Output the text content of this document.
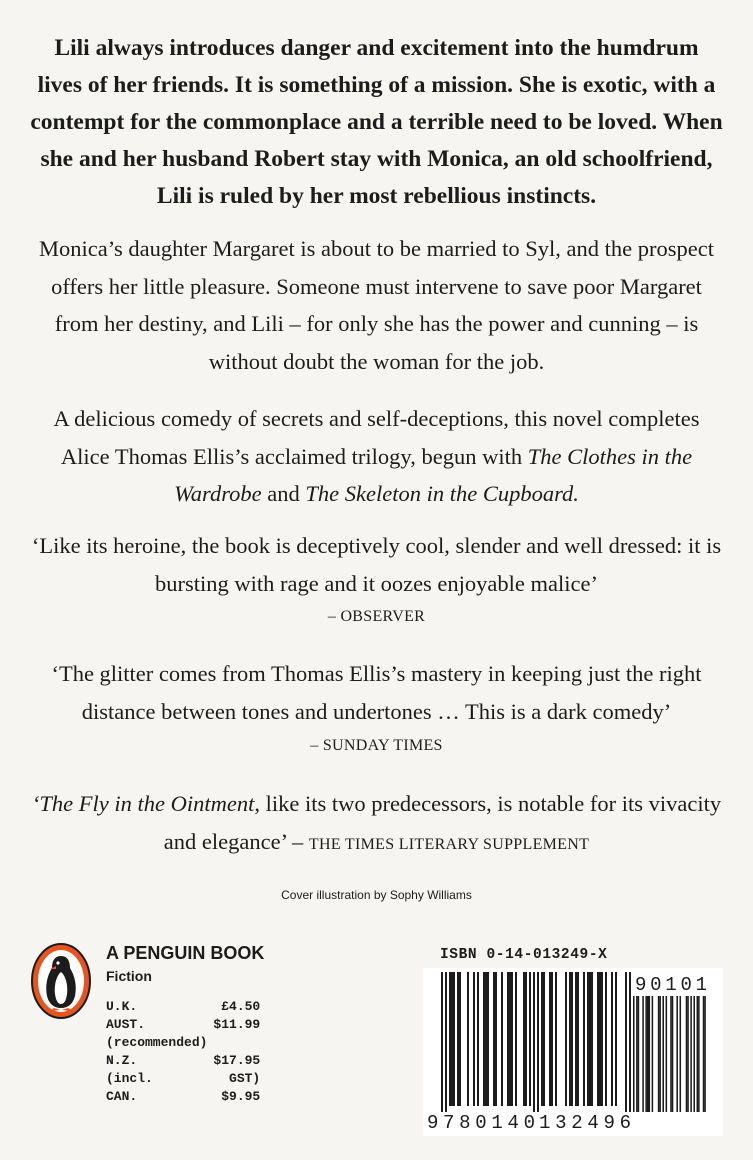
Lili always introduces danger and excitement into the humdrum lives of her friends. It is something of a mission. She is exotic, with a contempt for the commonplace and a terrible need to be loved. When she and her husband Robert stay with Monica, an old schoolfriend, Lili is ruled by her most rebellious instincts.

Monica’s daughter Margaret is about to be married to Syl, and the prospect offers her little pleasure. Someone must intervene to save poor Margaret from her destiny, and Lili – for only she has the power and cunning – is without doubt the woman for the job.

A delicious comedy of secrets and self-deceptions, this novel completes Alice Thomas Ellis’s acclaimed trilogy, begun with The Clothes in the Wardrobe and The Skeleton in the Cupboard.

‘Like its heroine, the book is deceptively cool, slender and well dressed: it is bursting with rage and it oozes enjoyable malice’

– OBSERVER

‘The glitter comes from Thomas Ellis’s mastery in keeping just the right distance between tones and undertones … This is a dark comedy’

– SUNDAY TIMES

‘The Fly in the Ointment, like its two predecessors, is notable for its vivacity and elegance’ – THE TIMES LITERARY SUPPLEMENT

Cover illustration by Sophy Williams
A PENGUIN BOOK
Fiction
U.K.	£4.50
AUST.	$11.99
(recommended)	
N.Z.	$17.95
(incl.	GST)
CAN.	$9.95
ISBN 0-14-013249-X
9 780140 132496
90101
